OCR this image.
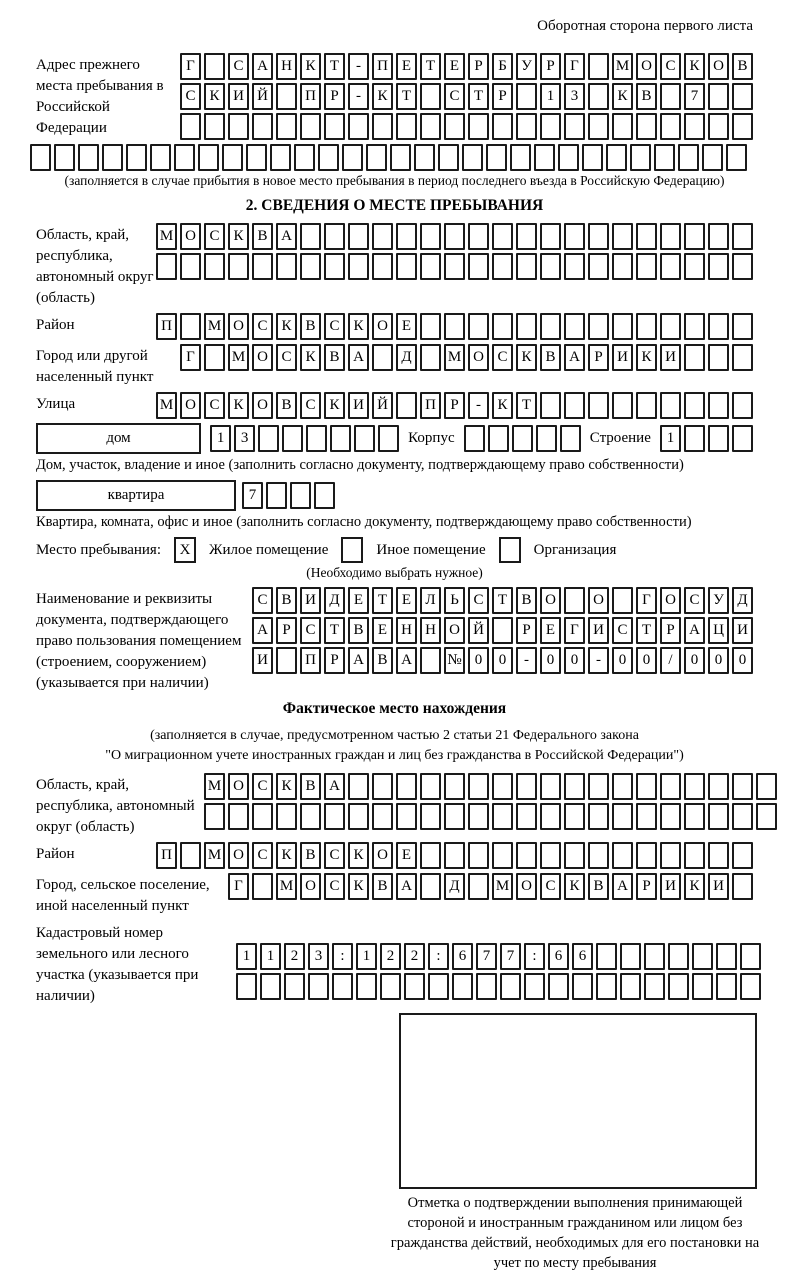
Оборотная сторона первого листа
Адрес прежнего места пребывания в Российской Федерации
Г	С А Н К Т	-	П Е Т Е	Р	Б У Р	Г	М О С К О В
С К И Й	П Р	-	К Т	С Т	Р	1	3	К В	7
(заполняется в случае прибытия в новое место пребывания в период последнего въезда в Российскую Федерацию)
2. СВЕДЕНИЯ О МЕСТЕ ПРЕБЫВАНИЯ
Область, край, республика, автономный округ (область)
М О С К В А
Район	П	М О С К В С К О Е
Город или другой населенный пункт
Г	М О С К В А	Д	М О С К В А Р И К И
Улица	М О С К О В С К И Й	П Р	-	К Т
дом	1	3	Корпус	Строение	1
Дом, участок, владение и иное (заполнить согласно документу, подтверждающему право собственности)
квартира	7
Квартира, комната, офис и иное (заполнить согласно документу, подтверждающему право собственности)
Место пребывания:	X	Жилое помещение	Иное помещение	Организация
(Необходимо выбрать нужное)
Наименование и реквизиты документа, подтверждающего право пользования помещением (строением, сооружением) (указывается при наличии)
С В И Д Е Т Е Л Ь С Т В О	О	Г О С У Д
А Р С Т В Е Н Н О Й	Р	Е	Г И С Т	Р А Ц И
И	П Р А В А	№ 0	0	-	0	0	-	0	0	/	0	0	0
Фактическое место нахождения
(заполняется в случае, предусмотренном частью 2 статьи 21 Федерального закона
"О миграционном учете иностранных граждан и лиц без гражданства в Российской Федерации")
Область, край, республика, автономный округ (область)
М О С К В А
Район	П	М О С К В С К О Е
Город, сельское поселение, иной населенный пункт
Г	М О С К В А	Д	М О С К В А Р И К И
Кадастровый номер земельного или лесного участка (указывается при наличии)
1	1	2	3	:	1	2	2	:	6	7	7	:	6	6
Отметка о подтверждении выполнения принимающей стороной и иностранным гражданином или лицом без гражданства действий, необходимых для его постановки на учет по месту пребывания
